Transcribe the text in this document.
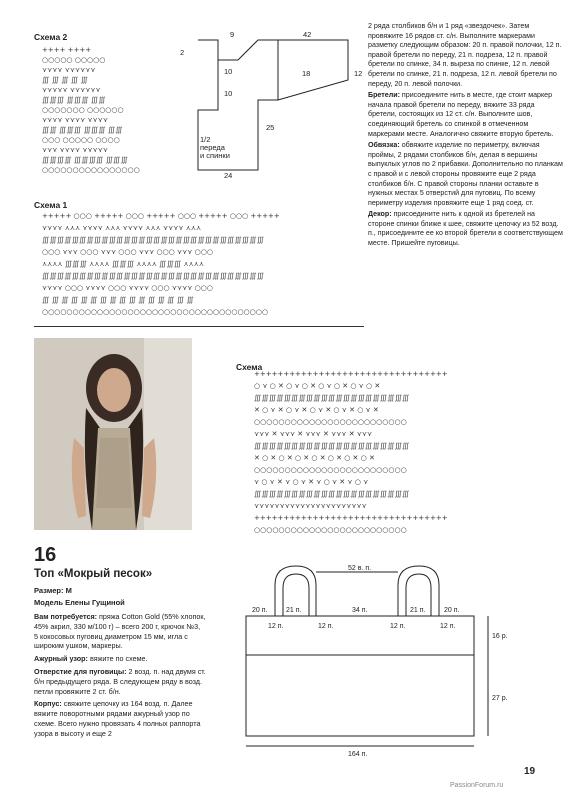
Схема 2
++++ ++++
○○○○○ ○○○○○
⋎⋎⋎⋎ ⋎⋎⋎⋎⋎⋎
∭ ∭ ∭ ∭ ∭
⋎⋎⋎⋎⋎ ⋎⋎⋎⋎⋎⋎
∭∭∭ ∭∭∭ ∭∭
○○○○○○○ ○○○○○○
⋎⋎⋎⋎ ⋎⋎⋎⋎ ⋎⋎⋎⋎
∭∭ ∭∭∭ ∭∭∭ ∭∭
○○○ ○○○○○ ○○○○
⋎⋎⋎ ⋎⋎⋎⋎ ⋎⋎⋎⋎⋎
∭∭∭∭ ∭∭∭∭ ∭∭∭
○○○○○○○○○○○○○○○○
9	42
2
10
10
18	12
25
24
1/2
переда
и спинки
Схема 1
+++++ ○○○ +++++ ○○○ +++++ ○○○ +++++ ○○○ +++++
⋎⋎⋎⋎ ⋏⋏⋏ ⋎⋎⋎⋎ ⋏⋏⋏ ⋎⋎⋎⋎ ⋏⋏⋏ ⋎⋎⋎⋎ ⋏⋏⋏
∭∭∭∭∭∭∭∭∭∭∭∭∭∭∭∭∭∭∭∭∭∭∭∭∭∭∭∭∭∭
○○○ ⋎⋎⋎ ○○○ ⋎⋎⋎ ○○○ ⋎⋎⋎ ○○○ ⋎⋎⋎ ○○○
⋏⋏⋏⋏ ∭∭∭ ⋏⋏⋏⋏ ∭∭∭ ⋏⋏⋏⋏ ∭∭∭ ⋏⋏⋏⋏
∭∭∭∭∭∭∭∭∭∭∭∭∭∭∭∭∭∭∭∭∭∭∭∭∭∭∭∭∭∭
⋎⋎⋎⋎ ○○○ ⋎⋎⋎⋎ ○○○ ⋎⋎⋎⋎ ○○○ ⋎⋎⋎⋎ ○○○
∭ ∭ ∭ ∭ ∭ ∭ ∭ ∭ ∭ ∭ ∭ ∭ ∭ ∭ ∭ ∭
○○○○○○○○○○○○○○○○○○○○○○○○○○○○○○○○○○○○○

2 ряда столбиков б/н и 1 ряд «звездочек». Затем провяжите 16 рядов ст. с/н. Выполните маркерами разметку следующим образом: 20 п. правой полочки, 12 п. правой бретели по переду, 21 п. подреза, 12 п. правой бретели по спинке, 34 п. выреза по спинке, 12 п. левой бретели по спинке, 21 п. подреза, 12 п. левой бретели по переду, 20 п. левой полочки.

Бретели: присоедините нить в месте, где стоит маркер начала правой бретели по переду, вяжите 33 ряда бретели, состоящих из 12 ст. с/н. Выполните шов, соединяющий бретель со спинкой в отмеченном маркерами месте. Аналогично свяжите вторую бретель.

Обвязка: обвяжите изделие по периметру, включая проймы, 2 рядами столбиков б/н, делая в вершины выпуклых углов по 2 прибавки. Дополнительно по планкам с правой и с левой стороны провяжите еще 2 ряда столбиков б/н. С правой стороны планки оставьте в нужных местах 5 отверстий для пуговиц. По всему периметру изделия провяжите еще 1 ряд соед. ст.

Декор: присоедините нить к одной из бретелей на стороне спинки ближе к шее, свяжите цепочку из 52 возд. п., присоедините ее ко второй бретели в соответствующем месте. Пришейте пуговицы.

16
Топ «Мокрый песок»
Размер: M
Модель Елены Гущиной

Вам потребуется: пряжа Cotton Gold (55% хлопок, 45% акрил, 330 м/100 г) – всего 200 г, крючок №3, 5 кокосовых пуговиц диаметром 15 мм, игла с широким ушком, маркеры.

Ажурный узор: вяжите по схеме.

Отверстие для пуговицы: 2 возд. п. над двумя ст. б/н предыдущего ряда. В следующем ряду в возд. петли провяжите 2 ст. б/н.

Корпус: свяжите цепочку из 164 возд. п. Далее вяжите поворотными рядами ажурный узор по схеме. Всего нужно провязать 4 полных раппорта узора в высоту и еще 2

Схема
+++++++++++++++++++++++++++++++++
○ ⋎ ○ ✕ ○ ⋎ ○ ✕ ○ ⋎ ○ ✕ ○ ⋎ ○ ✕
∭∭∭∭∭∭∭∭∭∭∭∭∭∭∭∭∭∭∭∭∭
✕ ○ ⋎ ✕ ○ ⋎ ✕ ○ ⋎ ✕ ○ ⋎ ✕ ○ ⋎ ✕
○○○○○○○○○○○○○○○○○○○○○○○○○
⋎⋎⋎ ✕ ⋎⋎⋎ ✕ ⋎⋎⋎ ✕ ⋎⋎⋎ ✕ ⋎⋎⋎
∭∭∭∭∭∭∭∭∭∭∭∭∭∭∭∭∭∭∭∭∭
✕ ○ ✕ ○ ✕ ○ ✕ ○ ✕ ○ ✕ ○ ✕ ○ ✕
○○○○○○○○○○○○○○○○○○○○○○○○○
⋎ ○ ⋎ ✕ ⋎ ○ ⋎ ✕ ⋎ ○ ⋎ ✕ ⋎ ○ ⋎
∭∭∭∭∭∭∭∭∭∭∭∭∭∭∭∭∭∭∭∭∭
⋎⋎⋎⋎⋎⋎⋎⋎⋎⋎⋎⋎⋎⋎⋎⋎⋎⋎⋎⋎⋎⋎
+++++++++++++++++++++++++++++++++
○○○○○○○○○○○○○○○○○○○○○○○○○
52 в. п.
20 п.	21 п.	34 п.	21 п.	20 п.
12 п.	12 п.	12 п.	12 п.
16 р.
27 р.
164 п.
19
PassionForum.ru
